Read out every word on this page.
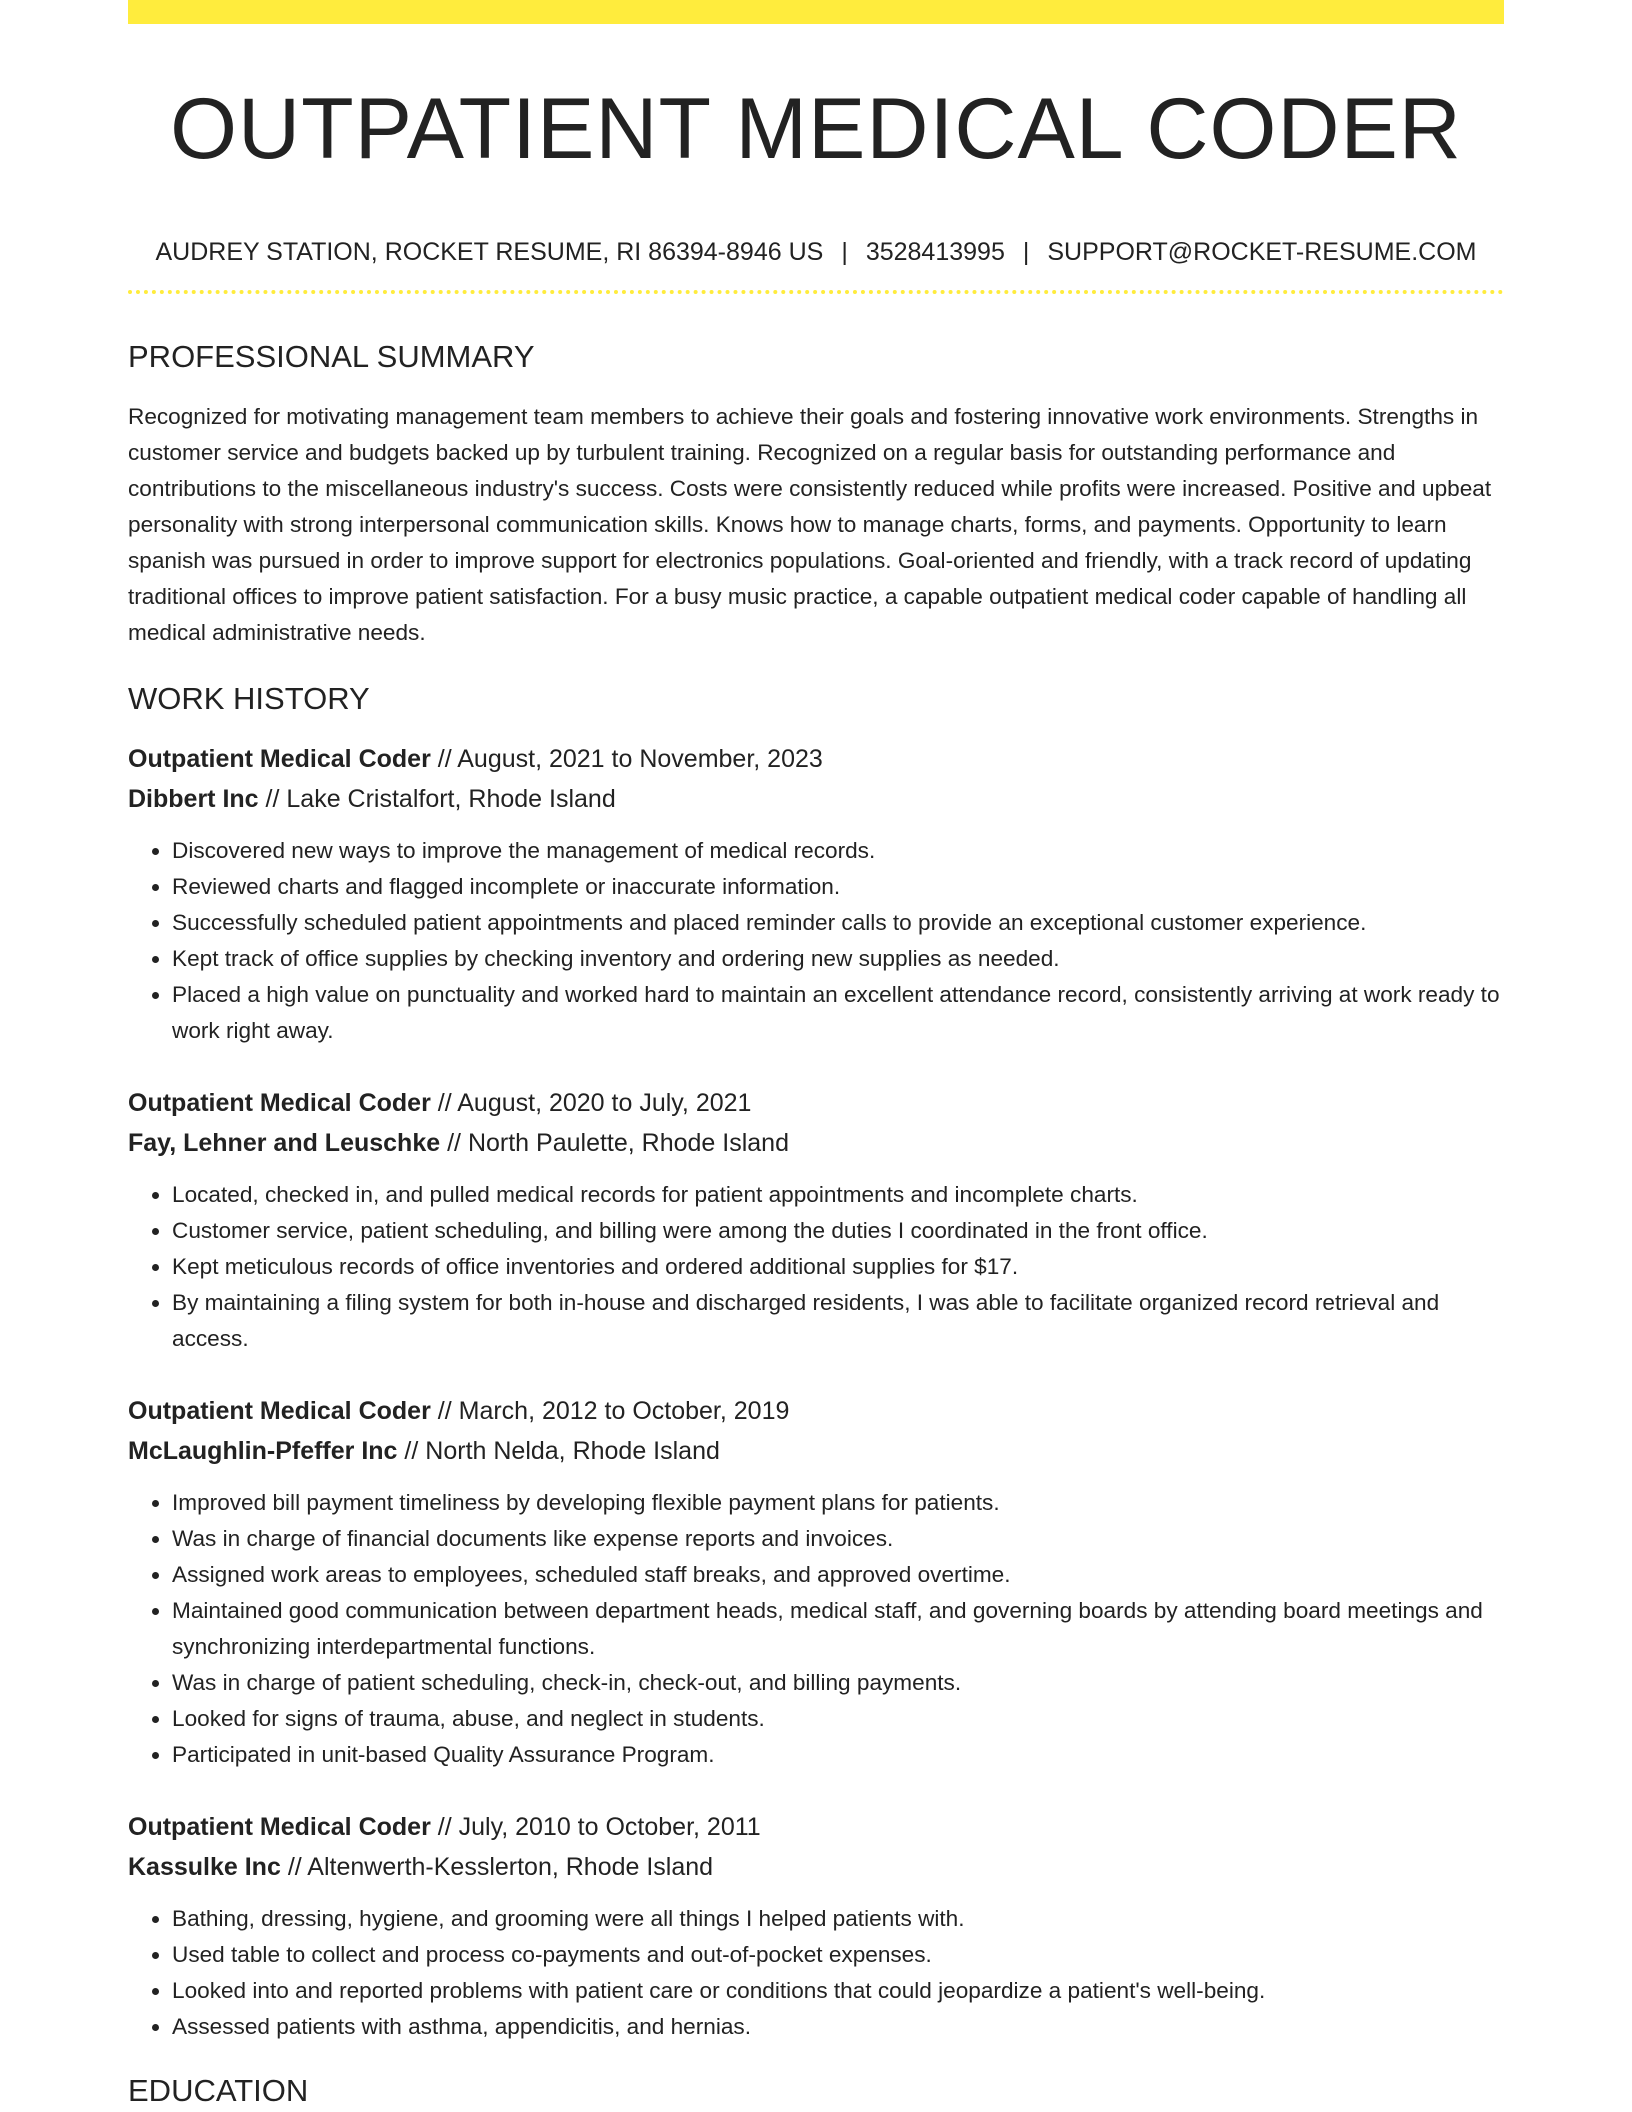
OUTPATIENT MEDICAL CODER
AUDREY STATION, ROCKET RESUME, RI 86394-8946 US | 3528413995 | SUPPORT@ROCKET-RESUME.COM
PROFESSIONAL SUMMARY

Recognized for motivating management team members to achieve their goals and fostering innovative work environments. Strengths in customer service and budgets backed up by turbulent training. Recognized on a regular basis for outstanding performance and contributions to the miscellaneous industry's success. Costs were consistently reduced while profits were increased. Positive and upbeat personality with strong interpersonal communication skills. Knows how to manage charts, forms, and payments. Opportunity to learn spanish was pursued in order to improve support for electronics populations. Goal-oriented and friendly, with a track record of updating traditional offices to improve patient satisfaction. For a busy music practice, a capable outpatient medical coder capable of handling all medical administrative needs.

WORK HISTORY
Outpatient Medical Coder // August, 2021 to November, 2023
Dibbert Inc // Lake Cristalfort, Rhode Island
• Discovered new ways to improve the management of medical records.
• Reviewed charts and flagged incomplete or inaccurate information.
• Successfully scheduled patient appointments and placed reminder calls to provide an exceptional customer experience.
• Kept track of office supplies by checking inventory and ordering new supplies as needed.
• Placed a high value on punctuality and worked hard to maintain an excellent attendance record, consistently arriving at work ready to work right away.
Outpatient Medical Coder // August, 2020 to July, 2021
Fay, Lehner and Leuschke // North Paulette, Rhode Island
• Located, checked in, and pulled medical records for patient appointments and incomplete charts.
• Customer service, patient scheduling, and billing were among the duties I coordinated in the front office.
• Kept meticulous records of office inventories and ordered additional supplies for $17.
• By maintaining a filing system for both in-house and discharged residents, I was able to facilitate organized record retrieval and access.
Outpatient Medical Coder // March, 2012 to October, 2019
McLaughlin-Pfeffer Inc // North Nelda, Rhode Island
• Improved bill payment timeliness by developing flexible payment plans for patients.
• Was in charge of financial documents like expense reports and invoices.
• Assigned work areas to employees, scheduled staff breaks, and approved overtime.
• Maintained good communication between department heads, medical staff, and governing boards by attending board meetings and synchronizing interdepartmental functions.
• Was in charge of patient scheduling, check-in, check-out, and billing payments.
• Looked for signs of trauma, abuse, and neglect in students.
• Participated in unit-based Quality Assurance Program.
Outpatient Medical Coder // July, 2010 to October, 2011
Kassulke Inc // Altenwerth-Kesslerton, Rhode Island
• Bathing, dressing, hygiene, and grooming were all things I helped patients with.
• Used table to collect and process co-payments and out-of-pocket expenses.
• Looked into and reported problems with patient care or conditions that could jeopardize a patient's well-being.
• Assessed patients with asthma, appendicitis, and hernias.
EDUCATION
